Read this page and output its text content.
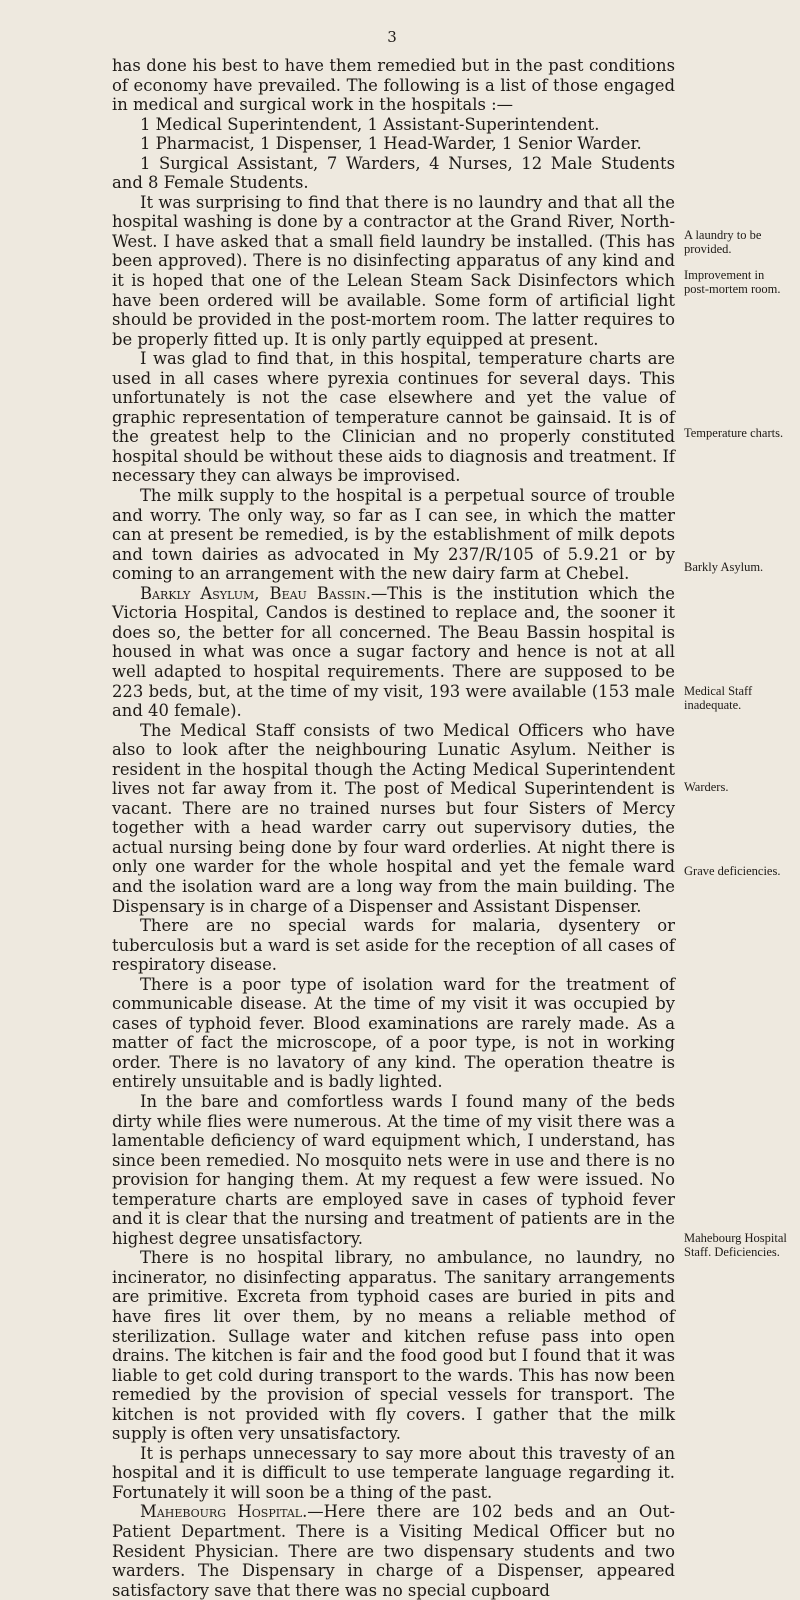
3

has done his best to have them remedied but in the past conditions of economy have prevailed. The following is a list of those engaged in medical and surgical work in the hospitals :—

1 Medical Superintendent, 1 Assistant-Superintendent.

1 Pharmacist, 1 Dispenser, 1 Head-Warder, 1 Senior Warder.

1 Surgical Assistant, 7 Warders, 4 Nurses, 12 Male Students and 8 Female Students.

It was surprising to find that there is no laundry and that all the hospital washing is done by a contractor at the Grand River, North-West. I have asked that a small field laundry be installed. (This has been approved). There is no disinfecting apparatus of any kind and it is hoped that one of the Lelean Steam Sack Disinfectors which have been ordered will be available. Some form of artificial light should be provided in the post-mortem room. The latter requires to be properly fitted up. It is only partly equipped at present.

I was glad to find that, in this hospital, temperature charts are used in all cases where pyrexia continues for several days. This unfortunately is not the case elsewhere and yet the value of graphic representation of temperature cannot be gainsaid. It is of the greatest help to the Clinician and no properly constituted hospital should be without these aids to diagnosis and treatment. If necessary they can always be improvised.

The milk supply to the hospital is a perpetual source of trouble and worry. The only way, so far as I can see, in which the matter can at present be remedied, is by the establishment of milk depots and town dairies as advocated in My 237/R/105 of 5.9.21 or by coming to an arrangement with the new dairy farm at Chebel.

Barkly Asylum, Beau Bassin.—This is the institution which the Victoria Hospital, Candos is destined to replace and, the sooner it does so, the better for all concerned. The Beau Bassin hospital is housed in what was once a sugar factory and hence is not at all well adapted to hospital requirements. There are supposed to be 223 beds, but, at the time of my visit, 193 were available (153 male and 40 female).

The Medical Staff consists of two Medical Officers who have also to look after the neighbouring Lunatic Asylum. Neither is resident in the hospital though the Acting Medical Superintendent lives not far away from it. The post of Medical Superintendent is vacant. There are no trained nurses but four Sisters of Mercy together with a head warder carry out supervisory duties, the actual nursing being done by four ward orderlies. At night there is only one warder for the whole hospital and yet the female ward and the isolation ward are a long way from the main building. The Dispensary is in charge of a Dispenser and Assistant Dispenser.

There are no special wards for malaria, dysentery or tuberculosis but a ward is set aside for the reception of all cases of respiratory disease.

There is a poor type of isolation ward for the treatment of communicable disease. At the time of my visit it was occupied by cases of typhoid fever. Blood examinations are rarely made. As a matter of fact the microscope, of a poor type, is not in working order. There is no lavatory of any kind. The operation theatre is entirely unsuitable and is badly lighted.

In the bare and comfortless wards I found many of the beds dirty while flies were numerous. At the time of my visit there was a lamentable deficiency of ward equipment which, I understand, has since been remedied. No mosquito nets were in use and there is no provision for hanging them. At my request a few were issued. No temperature charts are employed save in cases of typhoid fever and it is clear that the nursing and treatment of patients are in the highest degree unsatisfactory.

There is no hospital library, no ambulance, no laundry, no incinerator, no disinfecting apparatus. The sanitary arrangements are primitive. Excreta from typhoid cases are buried in pits and have fires lit over them, by no means a reliable method of sterilization. Sullage water and kitchen refuse pass into open drains. The kitchen is fair and the food good but I found that it was liable to get cold during transport to the wards. This has now been remedied by the provision of special vessels for transport. The kitchen is not provided with fly covers. I gather that the milk supply is often very unsatisfactory.

It is perhaps unnecessary to say more about this travesty of an hospital and it is difficult to use temperate language regarding it. Fortunately it will soon be a thing of the past.

Mahebourg Hospital.—Here there are 102 beds and an Out-Patient Department. There is a Visiting Medical Officer but no Resident Physician. There are two dispensary students and two warders. The Dispensary in charge of a Dispenser, appeared satisfactory save that there was no special cupboard

A laundry to be provided.
Improvement in post-mortem room.
Temperature charts.
Barkly Asylum.
Medical Staff inadequate.
Warders.
Grave deficiencies.
Mahebourg Hospital Staff. Deficiencies.
